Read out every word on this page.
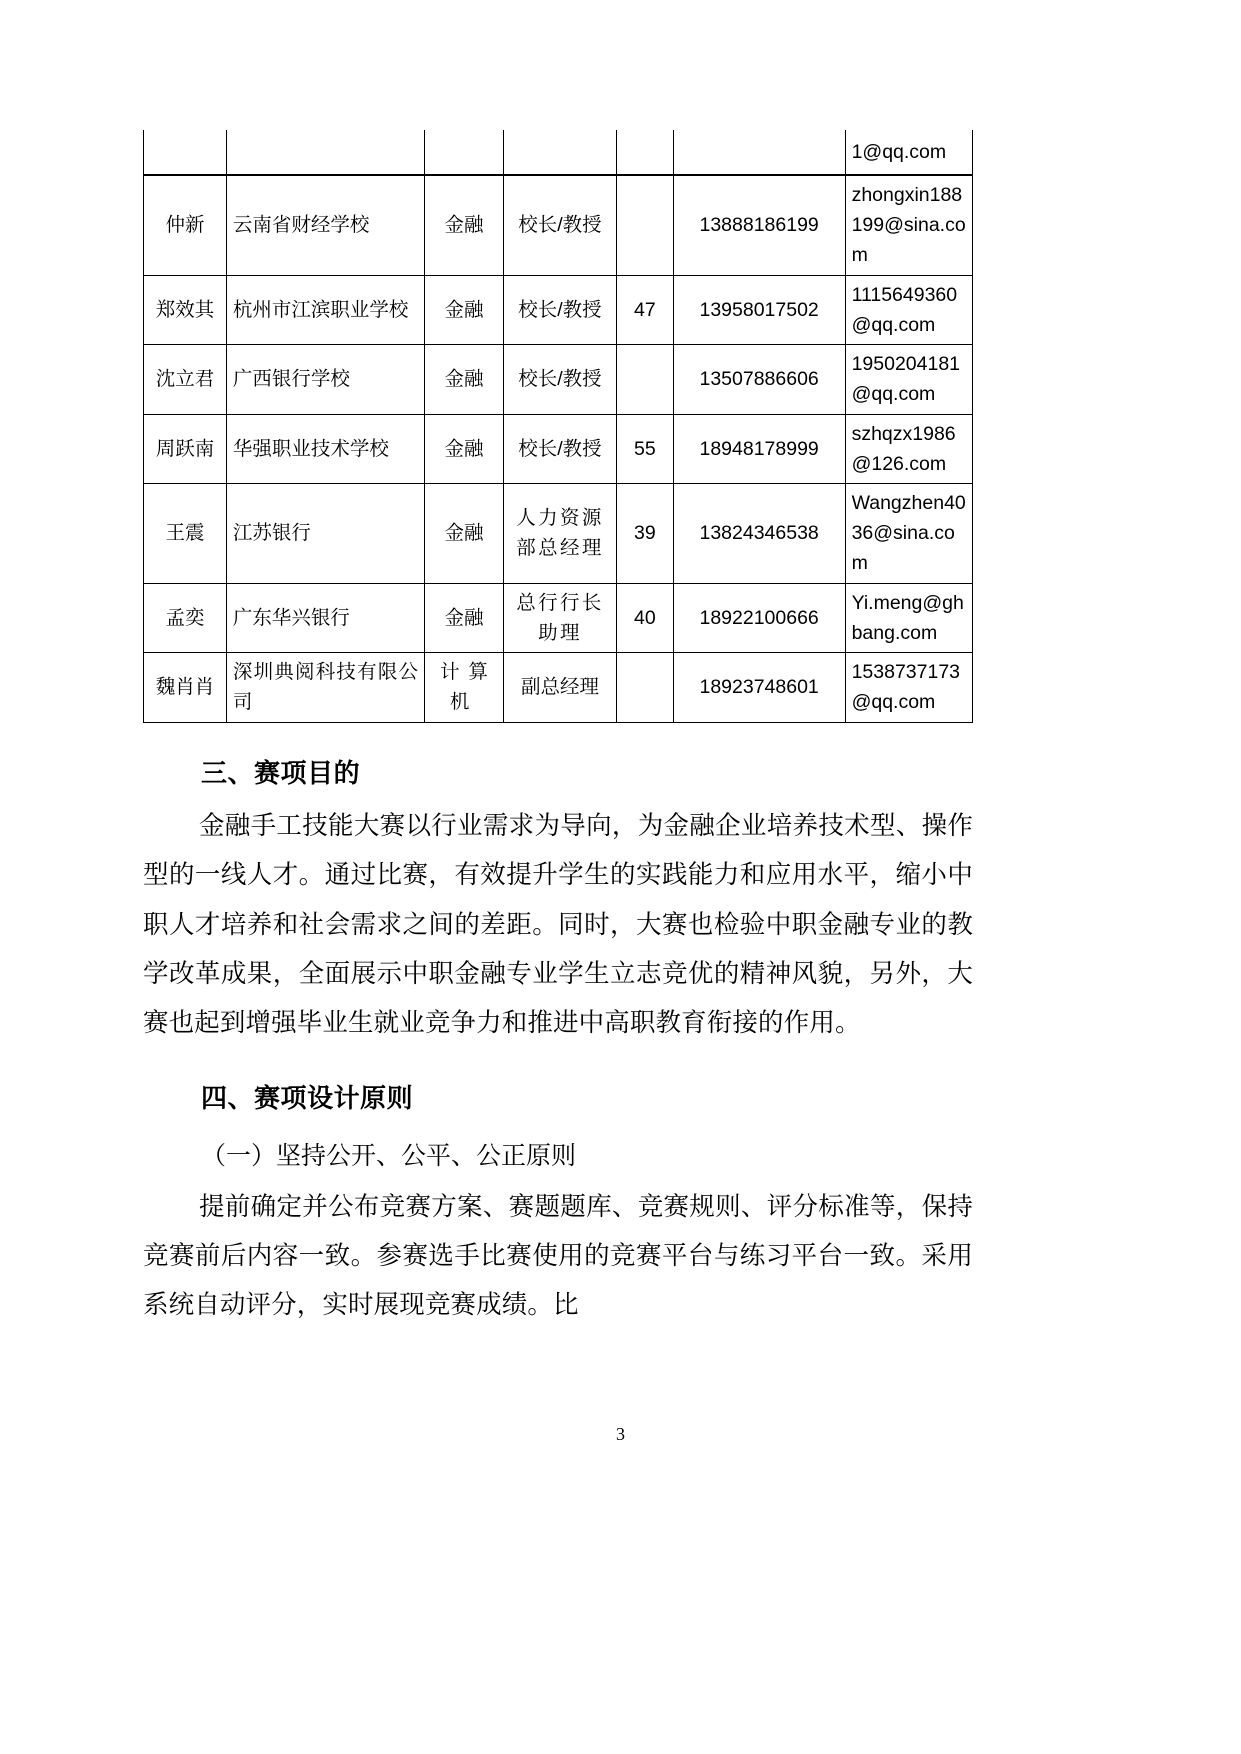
						1@qq.com
仲新	云南省财经学校	金融	校长/教授		13888186199	zhongxin188199@sina.com
郑效其	杭州市江滨职业学校	金融	校长/教授	47	13958017502	1115649360@qq.com
沈立君	广西银行学校	金融	校长/教授		13507886606	1950204181@qq.com
周跃南	华强职业技术学校	金融	校长/教授	55	18948178999	szhqzx1986@126.com
王震	江苏银行	金融	人力资源部总经理	39	13824346538	Wangzhen4036@sina.com
孟奕	广东华兴银行	金融	总行行长助理	40	18922100666	Yi.meng@ghbang.com
魏肖肖	深圳典阅科技有限公司	计算机	副总经理		18923748601	1538737173@qq.com
三、赛项目的

金融手工技能大赛以行业需求为导向，为金融企业培养技术型、操作型的一线人才。通过比赛，有效提升学生的实践能力和应用水平，缩小中职人才培养和社会需求之间的差距。同时，大赛也检验中职金融专业的教学改革成果，全面展示中职金融专业学生立志竞优的精神风貌，另外，大赛也起到增强毕业生就业竞争力和推进中高职教育衔接的作用。

四、赛项设计原则
（一）坚持公开、公平、公正原则

提前确定并公布竞赛方案、赛题题库、竞赛规则、评分标准等，保持竞赛前后内容一致。参赛选手比赛使用的竞赛平台与练习平台一致。采用系统自动评分，实时展现竞赛成绩。比

3
